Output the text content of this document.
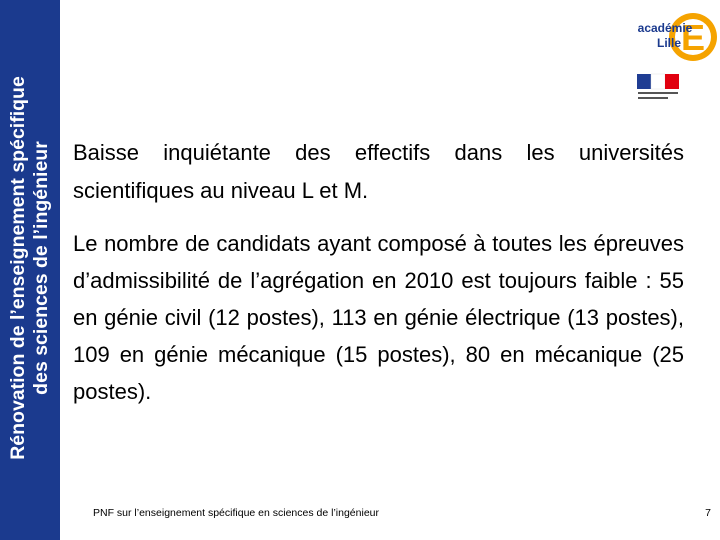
Rénovation de l’enseignement spécifique
des sciences de l’ingénieur
E
académie
Lille

Baisse inquiétante des effectifs dans les universités scientifiques au niveau L et M.

Le nombre de candidats ayant composé à toutes les épreuves d’admissibilité de l’agrégation en 2010 est toujours faible : 55 en génie civil (12 postes), 113 en génie électrique (13 postes), 109 en génie mécanique (15 postes), 80 en mécanique (25 postes).

PNF sur l’enseignement spécifique en sciences de l’ingénieur	7
